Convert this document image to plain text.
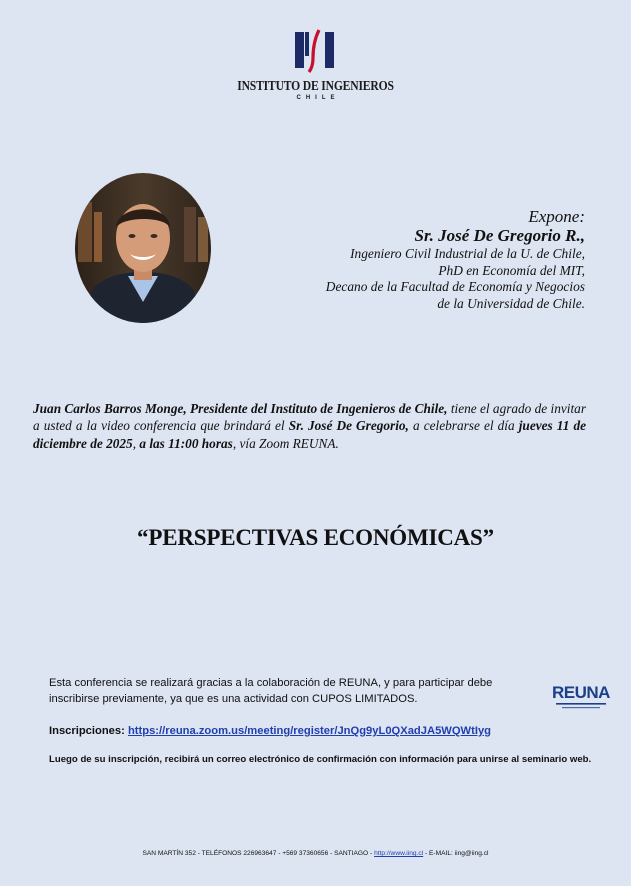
INSTITUTO DE INGENIEROS
CHILE
Expone:
Sr. José De Gregorio R.,
Ingeniero Civil Industrial de la U. de Chile,
PhD en Economía del MIT,
Decano de la Facultad de Economía y Negocios
de la Universidad de Chile.
Juan Carlos Barros Monge, Presidente del Instituto de Ingenieros de Chile, tiene el agrado de invitar a usted a la video conferencia que brindará el Sr. José De Gregorio, a celebrarse el día jueves 11 de diciembre de 2025, a las 11:00 horas, vía Zoom REUNA.
“PERSPECTIVAS ECONÓMICAS”
Esta conferencia se realizará gracias a la colaboración de REUNA, y para participar debe inscribirse previamente, ya que es una actividad con CUPOS LIMITADOS.	REUNA
Inscripciones: https://reuna.zoom.us/meeting/register/JnQg9yL0QXadJA5WQWtIyg
Luego de su inscripción, recibirá un correo electrónico de confirmación con información para unirse al seminario web.
SAN MARTÍN 352 - TELÉFONOS 226963647 - +569 37360656 - SANTIAGO - http://www.iing.cl - E-MAIL: iing@iing.cl
